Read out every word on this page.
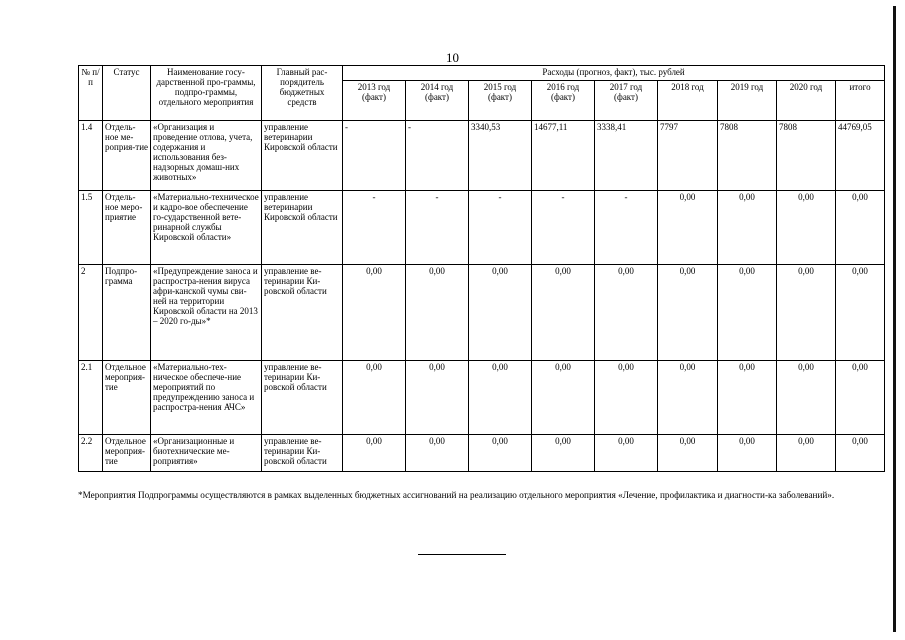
10
№ п/п	Статус	Наименование госу-дарственной про-граммы, подпро-граммы, отдельного мероприятия	Главный рас-порядитель бюджетных средств	Расходы (прогноз, факт), тыс. рублей								
				2013 год (факт)	2014 год (факт)	2015 год (факт)	2016 год (факт)	2017 год (факт)	2018 год	2019 год	2020 год	итого
1.4	Отдель-ное ме-роприя-тие	«Организация и проведение отлова, учета, содержания и использования без-надзорных домаш-них животных»	управление ветеринарии Кировской области	-	-	3340,53	14677,11	3338,41	7797	7808	7808	44769,05
1.5	Отдель-ное меро-приятие	«Материально-техническое и кадро-вое обеспечение го-сударственной вете-ринарной службы Кировской области»	управление ветеринарии Кировской области	-	-	-	-	-	0,00	0,00	0,00	0,00
2	Подпро-грамма	«Предупреждение заноса и распростра-нения вируса афри-канской чумы сви-ней на территории Кировской области на 2013 – 2020 го-ды»*	управление ве-теринарии Ки-ровской области	0,00	0,00	0,00	0,00	0,00	0,00	0,00	0,00	0,00
2.1	Отдельное мероприя-тие	«Материально-тех-ническое обеспече-ние мероприятий по предупреждению заноса и распростра-нения АЧС»	управление ве-теринарии Ки-ровской области	0,00	0,00	0,00	0,00	0,00	0,00	0,00	0,00	0,00
2.2	Отдельное мероприя-тие	«Организационные и биотехнические ме-роприятия»	управление ве-теринарии Ки-ровской области	0,00	0,00	0,00	0,00	0,00	0,00	0,00	0,00	0,00
*Мероприятия Подпрограммы осуществляются в рамках выделенных бюджетных ассигнований на реализацию отдельного мероприятия «Лечение, профилактика и диагности-ка заболеваний».
